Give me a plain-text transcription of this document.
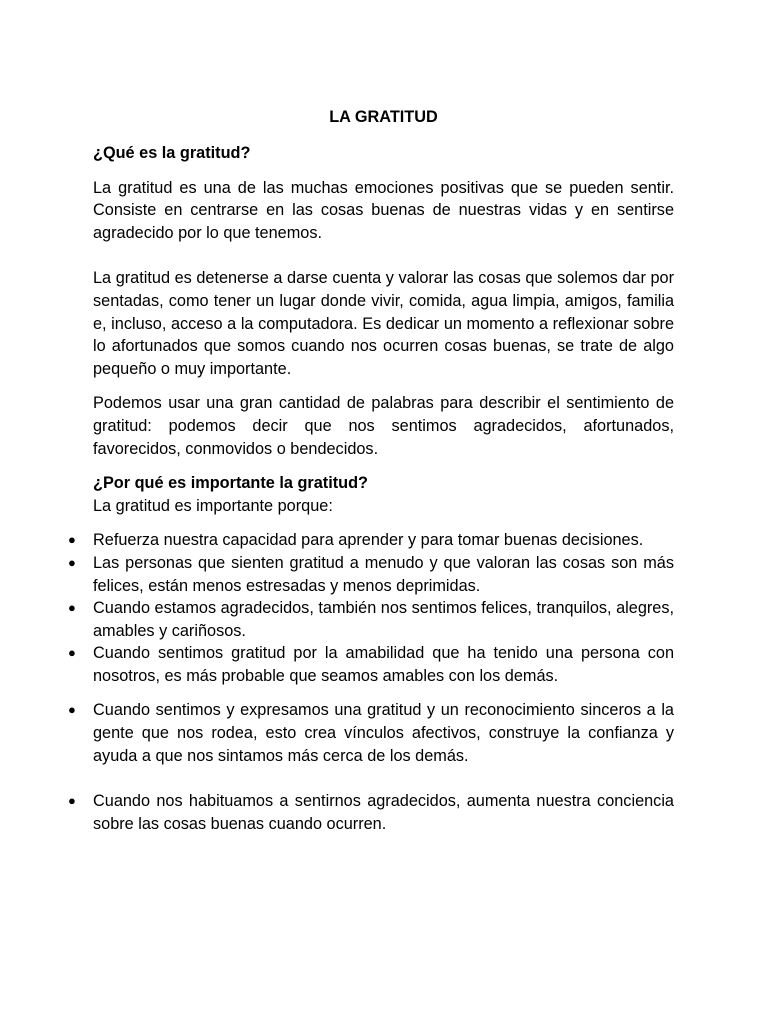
LA GRATITUD
¿Qué es la gratitud?

La gratitud es una de las muchas emociones positivas que se pueden sentir. Consiste en centrarse en las cosas buenas de nuestras vidas y en sentirse agradecido por lo que tenemos.

La gratitud es detenerse a darse cuenta y valorar las cosas que solemos dar por sentadas, como tener un lugar donde vivir, comida, agua limpia, amigos, familia e, incluso, acceso a la computadora. Es dedicar un momento a reflexionar sobre lo afortunados que somos cuando nos ocurren cosas buenas, se trate de algo pequeño o muy importante.

Podemos usar una gran cantidad de palabras para describir el sentimiento de gratitud: podemos decir que nos sentimos agradecidos, afortunados, favorecidos, conmovidos o bendecidos.

¿Por qué es importante la gratitud?

La gratitud es importante porque:

● Refuerza nuestra capacidad para aprender y para tomar buenas decisiones.
● Las personas que sienten gratitud a menudo y que valoran las cosas son más felices, están menos estresadas y menos deprimidas.
● Cuando estamos agradecidos, también nos sentimos felices, tranquilos, alegres, amables y cariñosos.
● Cuando sentimos gratitud por la amabilidad que ha tenido una persona con nosotros, es más probable que seamos amables con los demás.
● Cuando sentimos y expresamos una gratitud y un reconocimiento sinceros a la gente que nos rodea, esto crea vínculos afectivos, construye la confianza y ayuda a que nos sintamos más cerca de los demás.
● Cuando nos habituamos a sentirnos agradecidos, aumenta nuestra conciencia sobre las cosas buenas cuando ocurren.
